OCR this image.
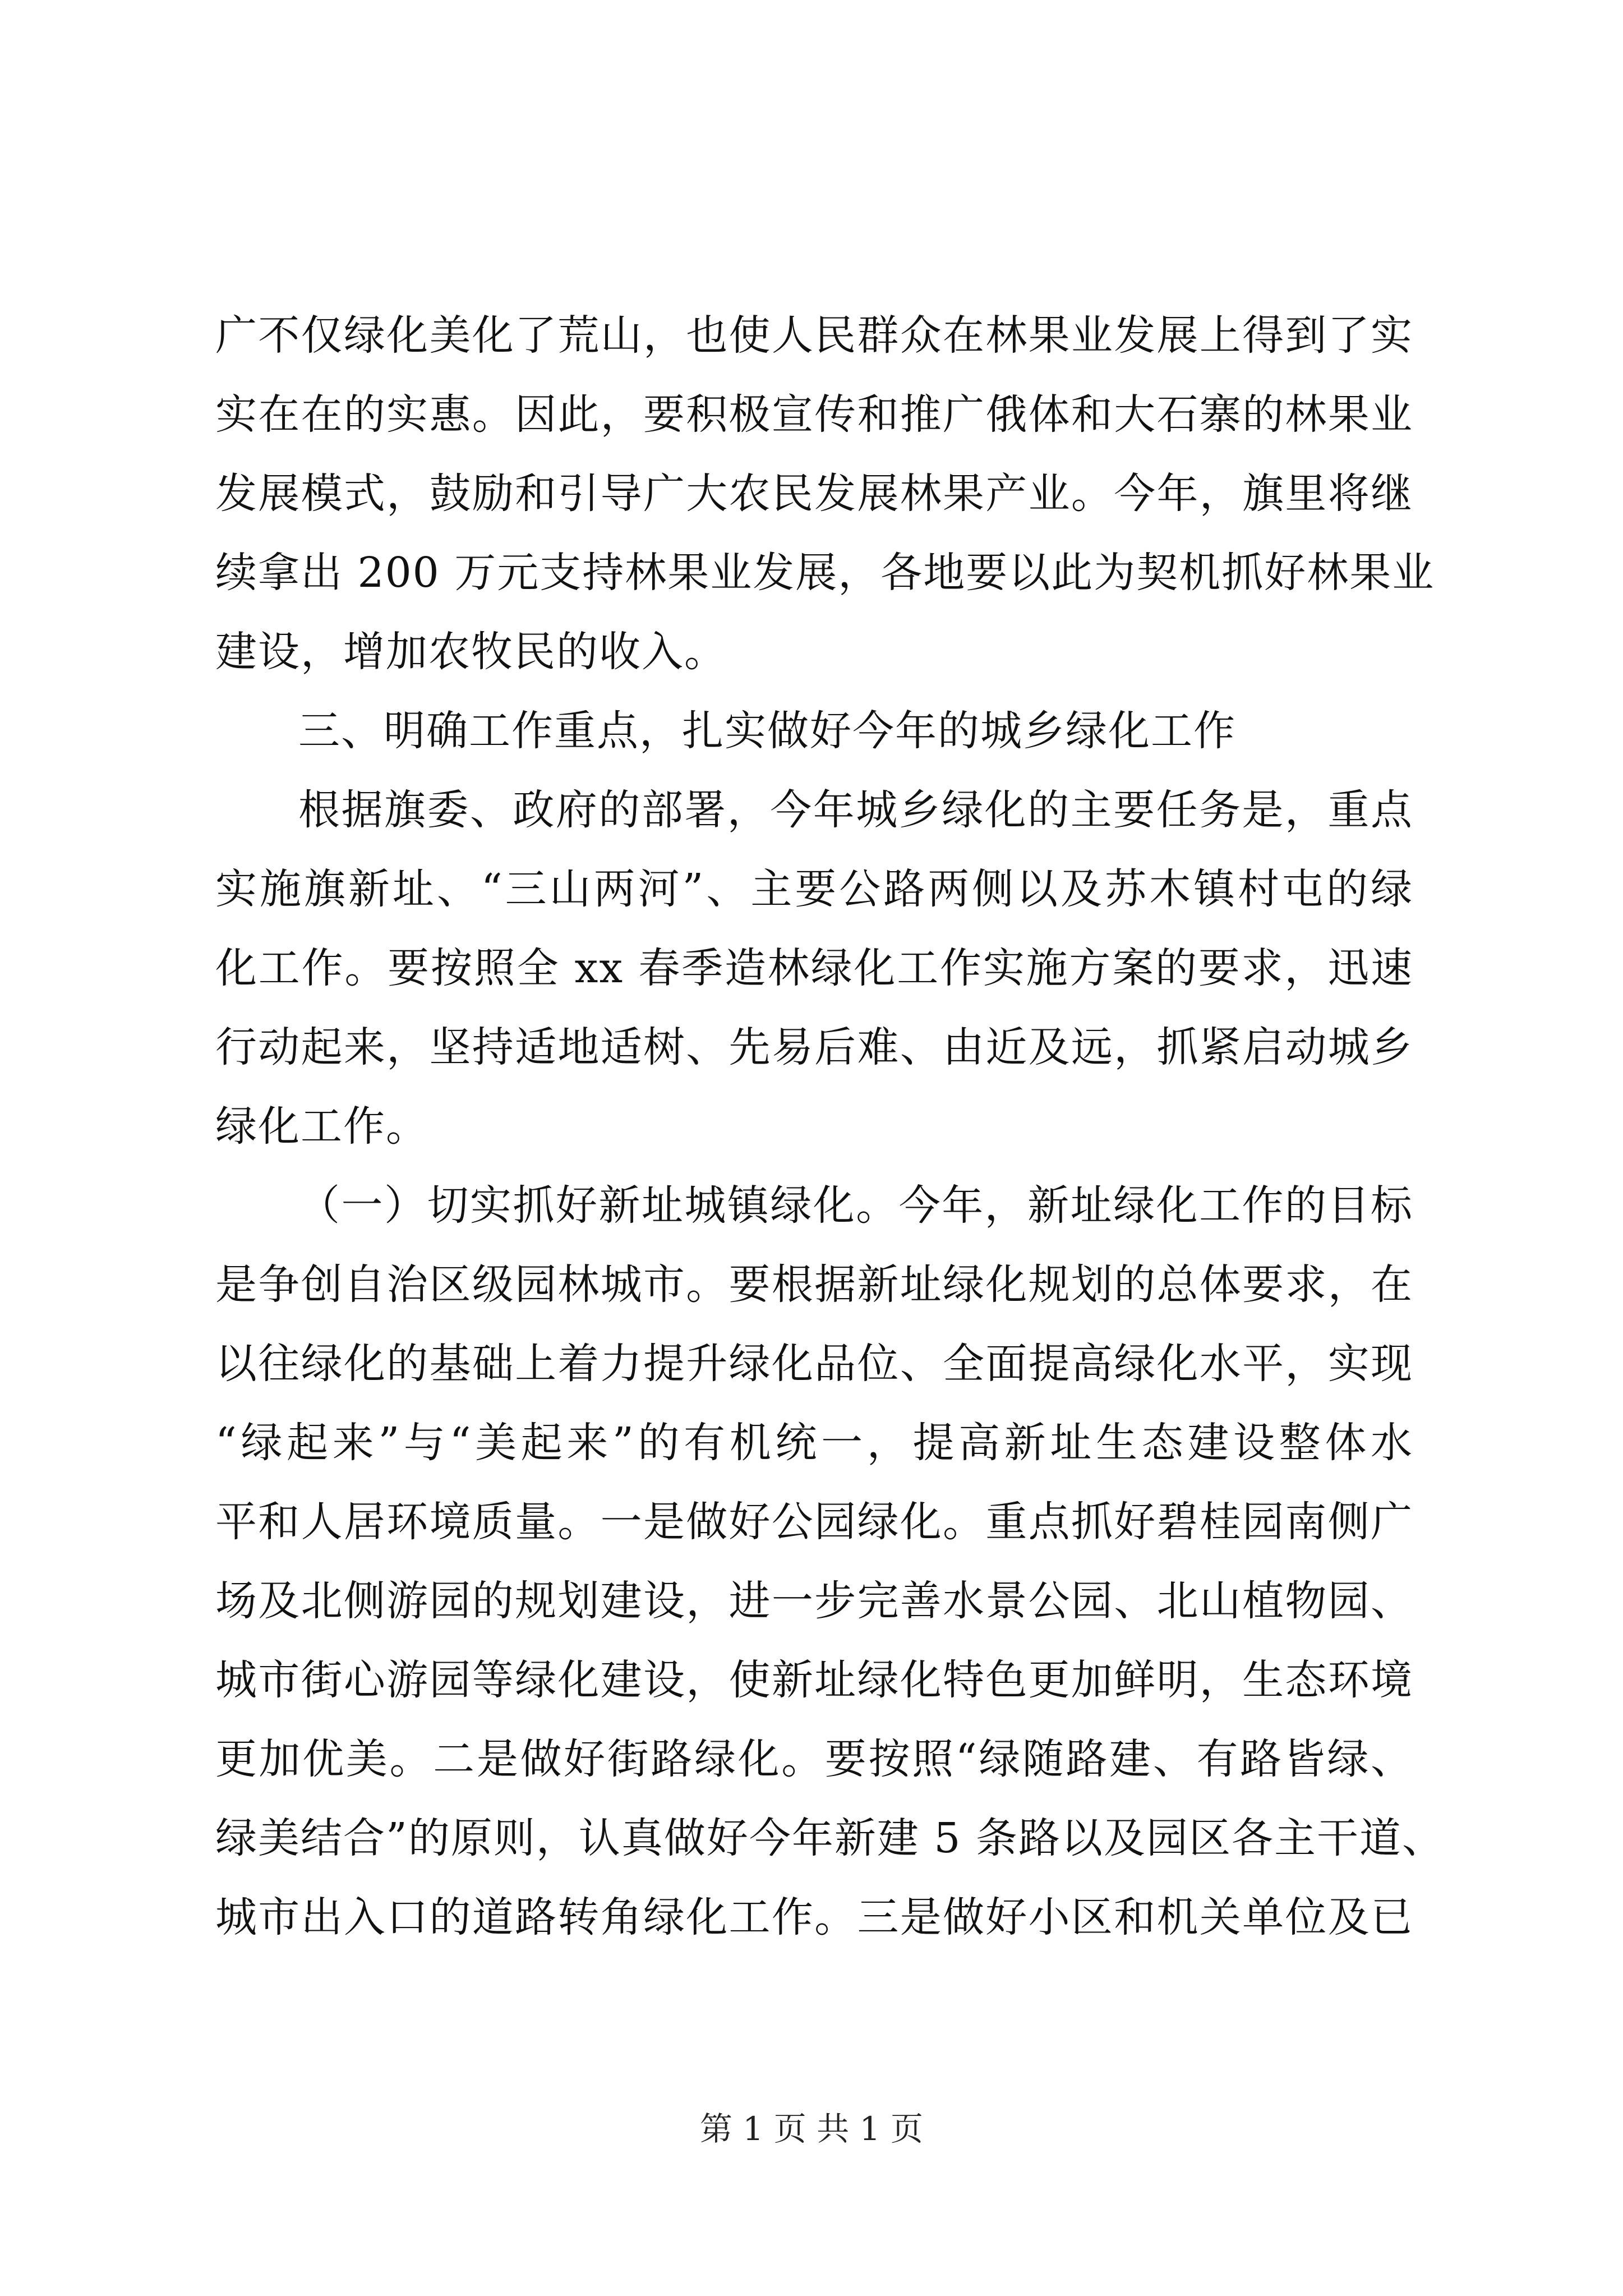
广不仅绿化美化了荒山，也使人民群众在林果业发展上得到了实
实在在的实惠。因此，要积极宣传和推广俄体和大石寨的林果业
发展模式，鼓励和引导广大农民发展林果产业。今年，旗里将继
续拿出 200 万元支持林果业发展，各地要以此为契机抓好林果业
建设，增加农牧民的收入。
三、明确工作重点，扎实做好今年的城乡绿化工作
根据旗委、政府的部署，今年城乡绿化的主要任务是，重点
实施旗新址、“三山两河”、主要公路两侧以及苏木镇村屯的绿
化工作。要按照全 xx 春季造林绿化工作实施方案的要求，迅速
行动起来，坚持适地适树、先易后难、由近及远，抓紧启动城乡
绿化工作。
（一）切实抓好新址城镇绿化。今年，新址绿化工作的目标
是争创自治区级园林城市。要根据新址绿化规划的总体要求，在
以往绿化的基础上着力提升绿化品位、全面提高绿化水平，实现
“绿起来”与“美起来”的有机统一，提高新址生态建设整体水
平和人居环境质量。一是做好公园绿化。重点抓好碧桂园南侧广
场及北侧游园的规划建设，进一步完善水景公园、北山植物园、
城市街心游园等绿化建设，使新址绿化特色更加鲜明，生态环境
更加优美。二是做好街路绿化。要按照“绿随路建、有路皆绿、
绿美结合”的原则，认真做好今年新建 5 条路以及园区各主干道、
城市出入口的道路转角绿化工作。三是做好小区和机关单位及已
第 1 页 共 1 页
